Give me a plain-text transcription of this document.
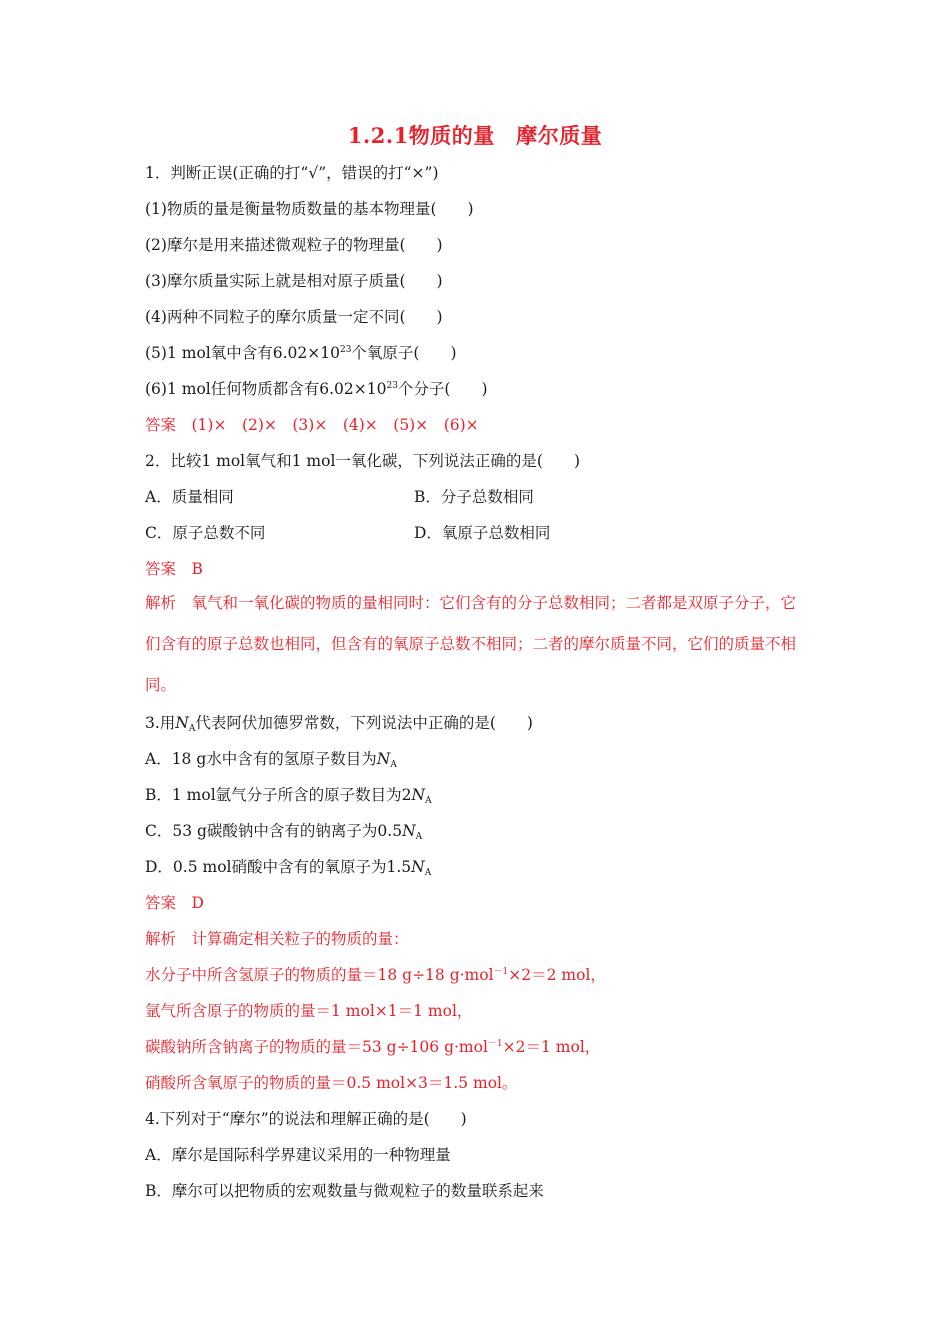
1.2.1物质的量　摩尔质量
1．判断正误(正确的打“√”，错误的打“×”)
(1)物质的量是衡量物质数量的基本物理量(　　)
(2)摩尔是用来描述微观粒子的物理量(　　)
(3)摩尔质量实际上就是相对原子质量(　　)
(4)两种不同粒子的摩尔质量一定不同(　　)
(5)1 mol氧中含有$6.02\times 10^{23}$个氧原子(　　)
(6)1 mol任何物质都含有$6.02\times 10^{23}$个分子(　　)
答案　(1)×　(2)×　(3)×　(4)×　(5)×　(6)×
2．比较1 mol氧气和1 mol一氧化碳，下列说法正确的是(　　)
A．质量相同	B．分子总数相同
C．原子总数不同	D．氧原子总数相同
答案　B
解析　氧气和一氧化碳的物质的量相同时：它们含有的分子总数相同；二者都是双原子分子，它们含有的原子总数也相同，但含有的氧原子总数不相同；二者的摩尔质量不同，它们的质量不相同。
3.用$N_A$代表阿伏加德罗常数，下列说法中正确的是(　　)
A．18 g水中含有的氢原子数目为$N_A$
B．1 mol氩气分子所含的原子数目为$2N_A$
C．53 g碳酸钠中含有的钠离子为$0.5N_A$
D．0.5 mol硝酸中含有的氧原子为$1.5N_A$
答案　D
解析　计算确定相关粒子的物质的量：
水分子中所含氢原子的物质的量＝18 g÷18 g·mol$^{-1}$×2＝2 mol，
氩气所含原子的物质的量＝1 mol×1＝1 mol，
碳酸钠所含钠离子的物质的量＝53 g÷106 g·mol$^{-1}$×2＝1 mol，
硝酸所含氧原子的物质的量＝0.5 mol×3＝1.5 mol。
4.下列对于“摩尔”的说法和理解正确的是(　　)
A．摩尔是国际科学界建议采用的一种物理量
B．摩尔可以把物质的宏观数量与微观粒子的数量联系起来
